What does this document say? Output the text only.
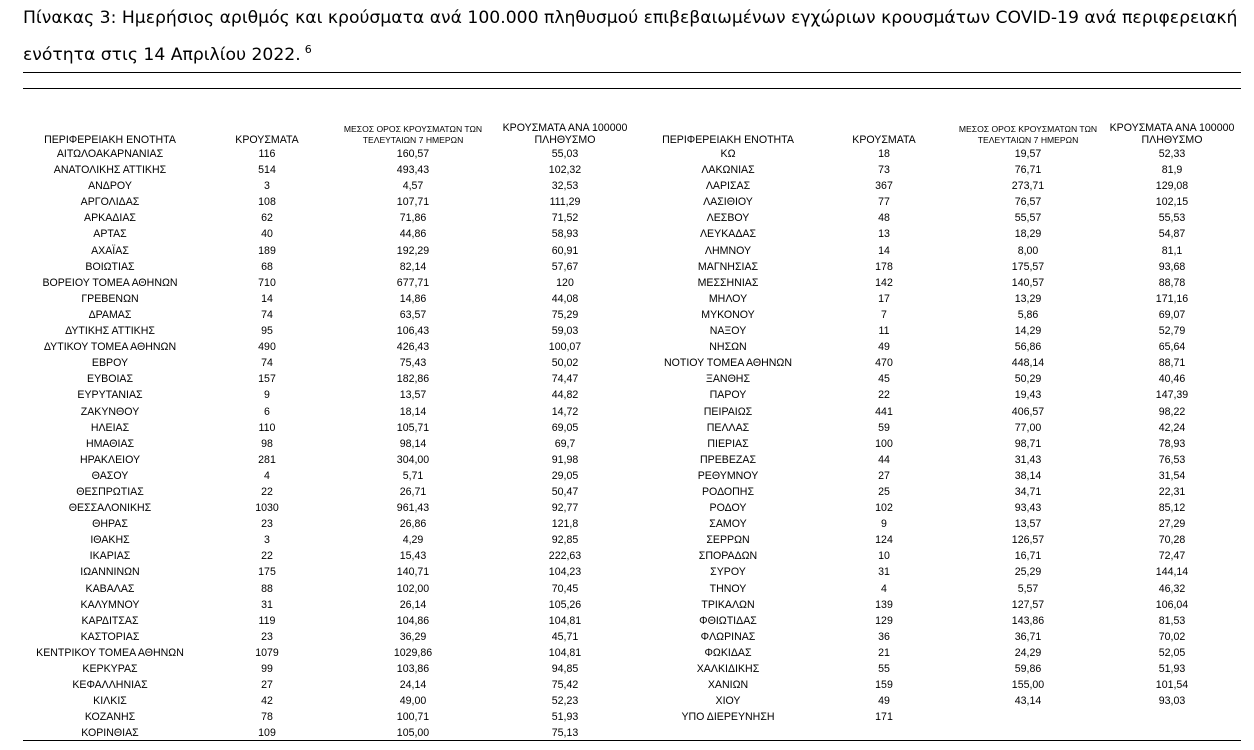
Πίνακας 3: Ημερήσιος αριθμός και κρούσματα ανά 100.000 πληθυσμού επιβεβαιωμένων εγχώριων κρουσμάτων COVID-19 ανά περιφερειακή ενότητα στις 14 Απριλίου 2022. $^6$
ΠΕΡΙΦΕΡΕΙΑΚΗ ΕΝΟΤΗΤΑ	ΚΡΟΥΣΜΑΤΑ	ΜΕΣΟΣ ΟΡΟΣ ΚΡΟΥΣΜΑΤΩΝ ΤΩΝ ΤΕΛΕΥΤΑΙΩΝ 7 ΗΜΕΡΩΝ	ΚΡΟΥΣΜΑΤΑ ΑΝΑ 100000 ΠΛΗΘΥΣΜΟ	ΠΕΡΙΦΕΡΕΙΑΚΗ ΕΝΟΤΗΤΑ	ΚΡΟΥΣΜΑΤΑ	ΜΕΣΟΣ ΟΡΟΣ ΚΡΟΥΣΜΑΤΩΝ ΤΩΝ ΤΕΛΕΥΤΑΙΩΝ 7 ΗΜΕΡΩΝ	ΚΡΟΥΣΜΑΤΑ ΑΝΑ 100000 ΠΛΗΘΥΣΜΟ
ΑΙΤΩΛΟΑΚΑΡΝΑΝΙΑΣ	116	160,57	55,03	ΚΩ	18	19,57	52,33
ΑΝΑΤΟΛΙΚΗΣ ΑΤΤΙΚΗΣ	514	493,43	102,32	ΛΑΚΩΝΙΑΣ	73	76,71	81,9
ΑΝΔΡΟΥ	3	4,57	32,53	ΛΑΡΙΣΑΣ	367	273,71	129,08
ΑΡΓΟΛΙΔΑΣ	108	107,71	111,29	ΛΑΣΙΘΙΟΥ	77	76,57	102,15
ΑΡΚΑΔΙΑΣ	62	71,86	71,52	ΛΕΣΒΟΥ	48	55,57	55,53
ΑΡΤΑΣ	40	44,86	58,93	ΛΕΥΚΑΔΑΣ	13	18,29	54,87
ΑΧΑΪΑΣ	189	192,29	60,91	ΛΗΜΝΟΥ	14	8,00	81,1
ΒΟΙΩΤΙΑΣ	68	82,14	57,67	ΜΑΓΝΗΣΙΑΣ	178	175,57	93,68
ΒΟΡΕΙΟΥ ΤΟΜΕΑ ΑΘΗΝΩΝ	710	677,71	120	ΜΕΣΣΗΝΙΑΣ	142	140,57	88,78
ΓΡΕΒΕΝΩΝ	14	14,86	44,08	ΜΗΛΟΥ	17	13,29	171,16
ΔΡΑΜΑΣ	74	63,57	75,29	ΜΥΚΟΝΟΥ	7	5,86	69,07
ΔΥΤΙΚΗΣ ΑΤΤΙΚΗΣ	95	106,43	59,03	ΝΑΞΟΥ	11	14,29	52,79
ΔΥΤΙΚΟΥ ΤΟΜΕΑ ΑΘΗΝΩΝ	490	426,43	100,07	ΝΗΣΩΝ	49	56,86	65,64
ΕΒΡΟΥ	74	75,43	50,02	ΝΟΤΙΟΥ ΤΟΜΕΑ ΑΘΗΝΩΝ	470	448,14	88,71
ΕΥΒΟΙΑΣ	157	182,86	74,47	ΞΑΝΘΗΣ	45	50,29	40,46
ΕΥΡΥΤΑΝΙΑΣ	9	13,57	44,82	ΠΑΡΟΥ	22	19,43	147,39
ΖΑΚΥΝΘΟΥ	6	18,14	14,72	ΠΕΙΡΑΙΩΣ	441	406,57	98,22
ΗΛΕΙΑΣ	110	105,71	69,05	ΠΕΛΛΑΣ	59	77,00	42,24
ΗΜΑΘΙΑΣ	98	98,14	69,7	ΠΙΕΡΙΑΣ	100	98,71	78,93
ΗΡΑΚΛΕΙΟΥ	281	304,00	91,98	ΠΡΕΒΕΖΑΣ	44	31,43	76,53
ΘΑΣΟΥ	4	5,71	29,05	ΡΕΘΥΜΝΟΥ	27	38,14	31,54
ΘΕΣΠΡΩΤΙΑΣ	22	26,71	50,47	ΡΟΔΟΠΗΣ	25	34,71	22,31
ΘΕΣΣΑΛΟΝΙΚΗΣ	1030	961,43	92,77	ΡΟΔΟΥ	102	93,43	85,12
ΘΗΡΑΣ	23	26,86	121,8	ΣΑΜΟΥ	9	13,57	27,29
ΙΘΑΚΗΣ	3	4,29	92,85	ΣΕΡΡΩΝ	124	126,57	70,28
ΙΚΑΡΙΑΣ	22	15,43	222,63	ΣΠΟΡΑΔΩΝ	10	16,71	72,47
ΙΩΑΝΝΙΝΩΝ	175	140,71	104,23	ΣΥΡΟΥ	31	25,29	144,14
ΚΑΒΑΛΑΣ	88	102,00	70,45	ΤΗΝΟΥ	4	5,57	46,32
ΚΑΛΥΜΝΟΥ	31	26,14	105,26	ΤΡΙΚΑΛΩΝ	139	127,57	106,04
ΚΑΡΔΙΤΣΑΣ	119	104,86	104,81	ΦΘΙΩΤΙΔΑΣ	129	143,86	81,53
ΚΑΣΤΟΡΙΑΣ	23	36,29	45,71	ΦΛΩΡΙΝΑΣ	36	36,71	70,02
ΚΕΝΤΡΙΚΟΥ ΤΟΜΕΑ ΑΘΗΝΩΝ	1079	1029,86	104,81	ΦΩΚΙΔΑΣ	21	24,29	52,05
ΚΕΡΚΥΡΑΣ	99	103,86	94,85	ΧΑΛΚΙΔΙΚΗΣ	55	59,86	51,93
ΚΕΦΑΛΛΗΝΙΑΣ	27	24,14	75,42	ΧΑΝΙΩΝ	159	155,00	101,54
ΚΙΛΚΙΣ	42	49,00	52,23	ΧΙΟΥ	49	43,14	93,03
ΚΟΖΑΝΗΣ	78	100,71	51,93	ΥΠΟ ΔΙΕΡΕΥΝΗΣΗ	171		
ΚΟΡΙΝΘΙΑΣ	109	105,00	75,13				
